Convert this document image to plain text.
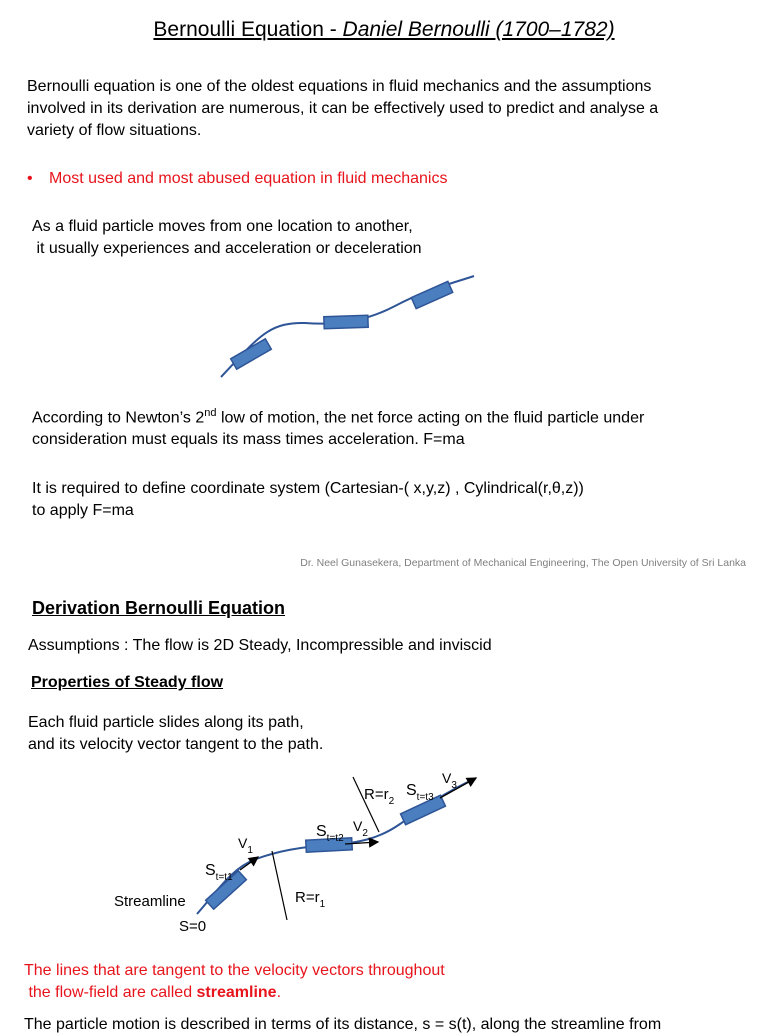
Bernoulli Equation - Daniel Bernoulli (1700–1782)

Bernoulli equation is one of the oldest equations in fluid mechanics and the assumptions
involved in its derivation are numerous, it can be effectively used to predict and analyse a
variety of flow situations.

• Most used and most abused equation in fluid mechanics

As a fluid particle moves from one location to another,
it usually experiences and acceleration or deceleration

According to Newton’s 2nd low of motion, the net force acting on the fluid particle under
consideration must equals its mass times acceleration. F=ma

It is required to define coordinate system (Cartesian-( x,y,z) , Cylindrical(r,θ,z))
to apply F=ma

Dr. Neel Gunasekera, Department of Mechanical Engineering, The Open University of Sri Lanka

Derivation Bernoulli Equation

Assumptions : The flow is 2D Steady, Incompressible and inviscid

Properties of Steady flow

Each fluid particle slides along its path,
and its velocity vector tangent to the path.

Streamline
S=0
$S_{t=t1}$
$S_{t=t2}$
$S_{t=t3}$
$V_1$
$V_2$
$V_3$
$R=r_1$
$R=r_2$

The lines that are tangent to the velocity vectors throughout
the flow-field are called streamline.

The particle motion is described in terms of its distance, s = s(t), along the streamline from
